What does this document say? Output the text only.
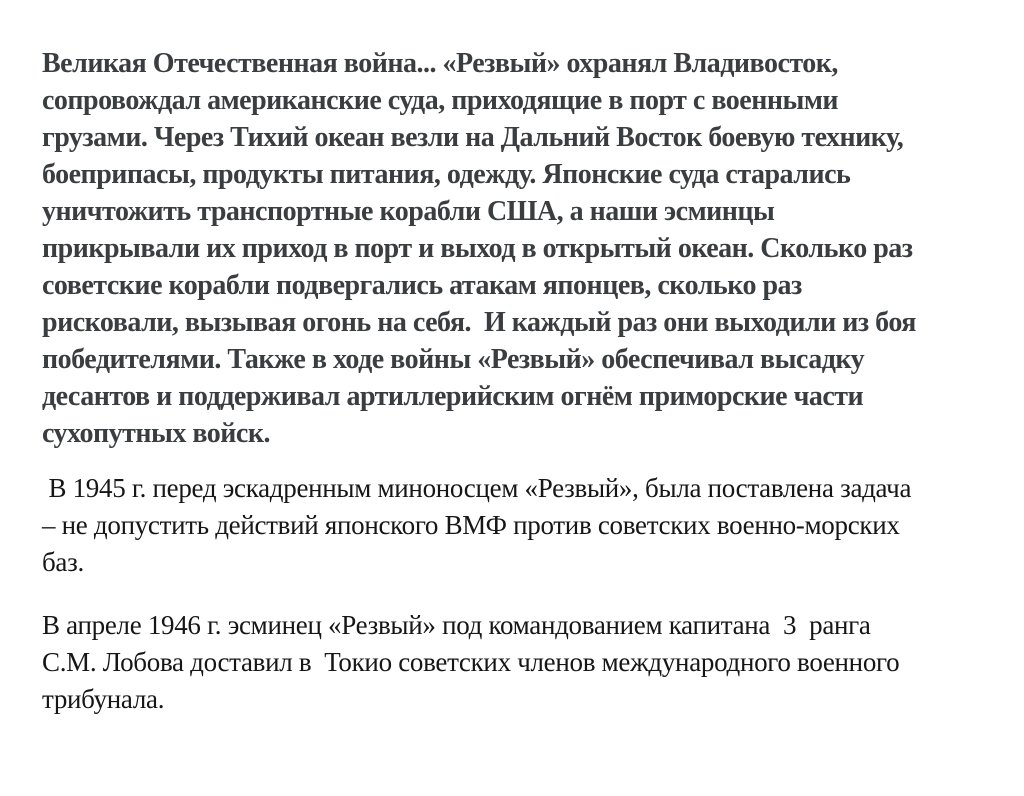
Великая Отечественная война... «Резвый» охранял Владивосток,
сопровождал американские суда, приходящие в порт с военными
грузами. Через Тихий океан везли на Дальний Восток боевую технику,
боеприпасы, продукты питания, одежду. Японские суда старались
уничтожить транспортные корабли США, а наши эсминцы
прикрывали их приход в порт и выход в открытый океан. Сколько раз
советские корабли подвергались атакам японцев, сколько раз
рисковали, вызывая огонь на себя.  И каждый раз они выходили из боя
победителями. Также в ходе войны «Резвый» обеспечивал высадку
десантов и поддерживал артиллерийским огнём приморские части
сухопутных войск.
В 1945 г. перед эскадренным миноносцем «Резвый», была поставлена задача
– не допустить действий японского ВМФ против советских военно-морских
баз.
В апреле 1946 г. эсминец «Резвый» под командованием капитана  3  ранга
С.М. Лобова доставил в  Токио советских членов международного военного
трибунала.
